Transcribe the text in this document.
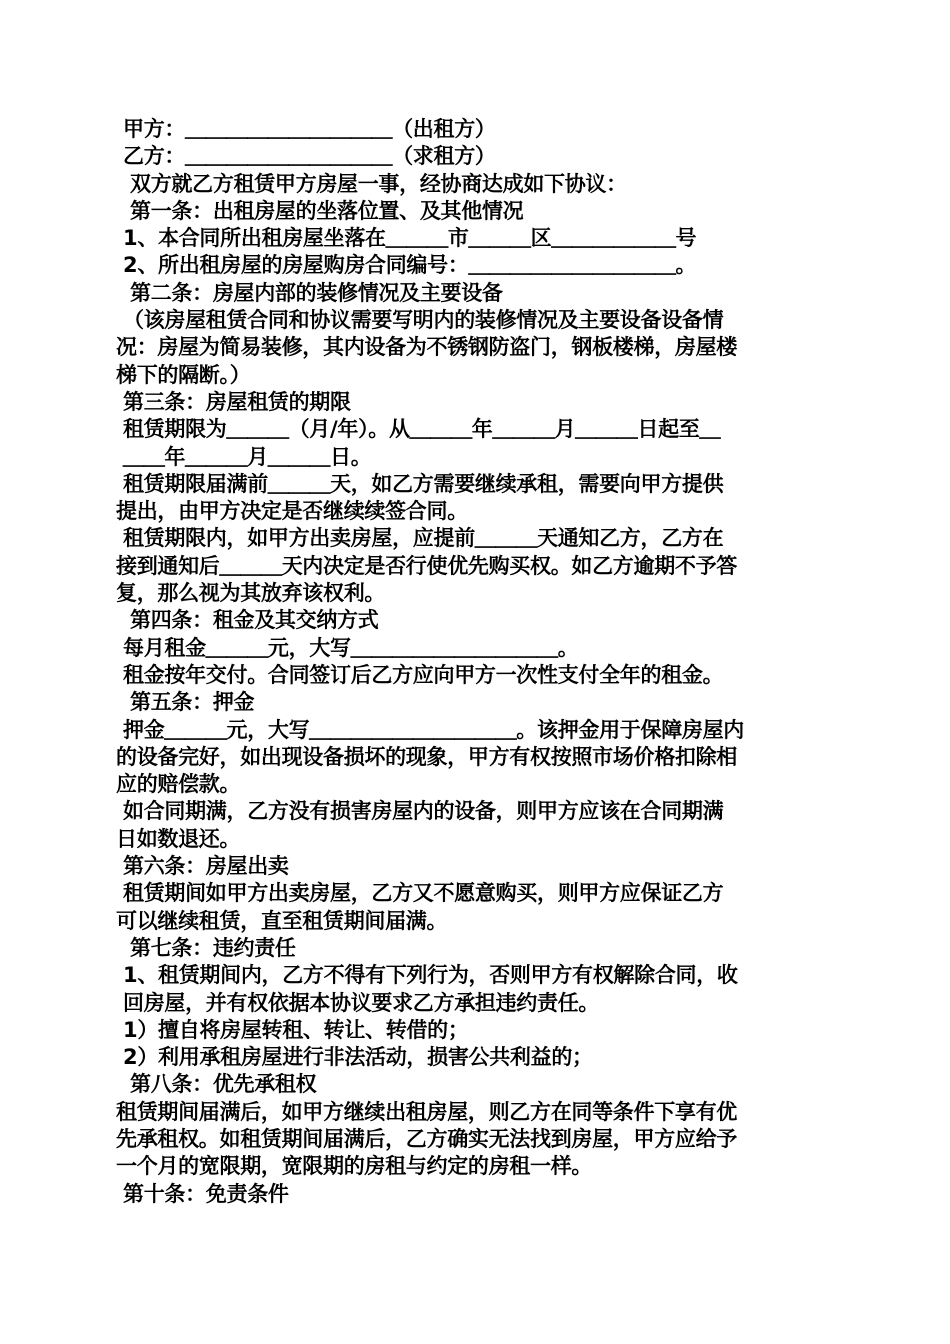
甲方：＿＿＿＿＿＿＿＿＿＿（出租方）
乙方：＿＿＿＿＿＿＿＿＿＿（求租方）
双方就乙方租赁甲方房屋一事，经协商达成如下协议：
第一条：出租房屋的坐落位置、及其他情况
1、本合同所出租房屋坐落在＿＿＿市＿＿＿区＿＿＿＿＿＿号
2、所出租房屋的房屋购房合同编号：＿＿＿＿＿＿＿＿＿＿。
第二条：房屋内部的装修情况及主要设备
（该房屋租赁合同和协议需要写明内的装修情况及主要设备设备情
况：房屋为简易装修，其内设备为不锈钢防盗门，钢板楼梯，房屋楼
梯下的隔断。）
第三条：房屋租赁的期限
租赁期限为＿＿＿（月/年）。从＿＿＿年＿＿＿月＿＿＿日起至＿
＿＿年＿＿＿月＿＿＿日。
租赁期限届满前＿＿＿天，如乙方需要继续承租，需要向甲方提供
提出，由甲方决定是否继续续签合同。
租赁期限内，如甲方出卖房屋，应提前＿＿＿天通知乙方，乙方在
接到通知后＿＿＿天内决定是否行使优先购买权。如乙方逾期不予答
复，那么视为其放弃该权利。
第四条：租金及其交纳方式
每月租金＿＿＿元，大写＿＿＿＿＿＿＿＿＿＿。
租金按年交付。合同签订后乙方应向甲方一次性支付全年的租金。
第五条：押金
押金＿＿＿元，大写＿＿＿＿＿＿＿＿＿＿。该押金用于保障房屋内
的设备完好，如出现设备损坏的现象，甲方有权按照市场价格扣除相
应的赔偿款。
如合同期满，乙方没有损害房屋内的设备，则甲方应该在合同期满
日如数退还。
第六条：房屋出卖
租赁期间如甲方出卖房屋，乙方又不愿意购买，则甲方应保证乙方
可以继续租赁，直至租赁期间届满。
第七条：违约责任
1、租赁期间内，乙方不得有下列行为，否则甲方有权解除合同，收
回房屋，并有权依据本协议要求乙方承担违约责任。
1）擅自将房屋转租、转让、转借的；
2）利用承租房屋进行非法活动，损害公共利益的；
第八条：优先承租权
租赁期间届满后，如甲方继续出租房屋，则乙方在同等条件下享有优
先承租权。如租赁期间届满后，乙方确实无法找到房屋，甲方应给予
一个月的宽限期，宽限期的房租与约定的房租一样。
第十条：免责条件
